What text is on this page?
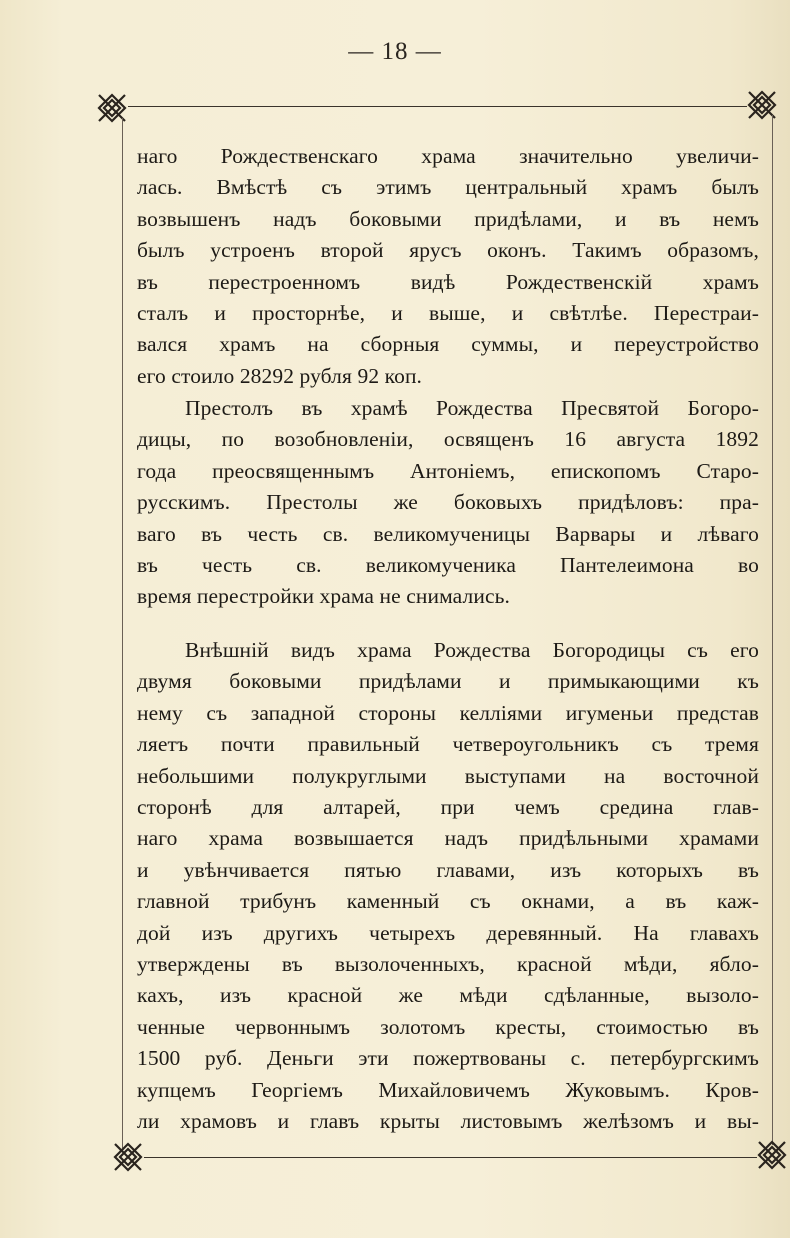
— 18 —
наго Рождественскаго храма значительно увеличи-
лась. Вмѣстѣ съ этимъ центральный храмъ былъ
возвышенъ надъ боковыми придѣлами, и въ немъ
былъ устроенъ второй ярусъ оконъ. Такимъ образомъ,
въ перестроенномъ видѣ Рождественскій храмъ
сталъ и просторнѣе, и выше, и свѣтлѣе. Перестраи-
вался храмъ на сборныя суммы, и переустройство
его стоило 28292 рубля 92 коп.
Престолъ въ храмѣ Рождества Пресвятой Богоро-
дицы, по возобновленіи, освященъ 16 августа 1892
года преосвященнымъ Антоніемъ, епископомъ Старо-
русскимъ. Престолы же боковыхъ придѣловъ: пра-
ваго въ честь св. великомученицы Варвары и лѣваго
въ честь св. великомученика Пантелеимона во
время перестройки храма не снимались.
Внѣшній видъ храма Рождества Богородицы съ его
двумя боковыми придѣлами и примыкающими къ
нему съ западной стороны келліями игуменьи представ
ляетъ почти правильный четвероугольникъ съ тремя
небольшими полукруглыми выступами на восточной
сторонѣ для алтарей, при чемъ средина глав-
наго храма возвышается надъ придѣльными храмами
и увѣнчивается пятью главами, изъ которыхъ въ
главной трибунъ каменный съ окнами, а въ каж-
дой изъ другихъ четырехъ деревянный. На главахъ
утверждены въ вызолоченныхъ, красной мѣди, ябло-
кахъ, изъ красной же мѣди сдѣланные, вызоло-
ченные червоннымъ золотомъ кресты, стоимостью въ
1500 руб. Деньги эти пожертвованы с. петербургскимъ
купцемъ Георгіемъ Михайловичемъ Жуковымъ. Кров-
ли храмовъ и главъ крыты листовымъ желѣзомъ и вы-
